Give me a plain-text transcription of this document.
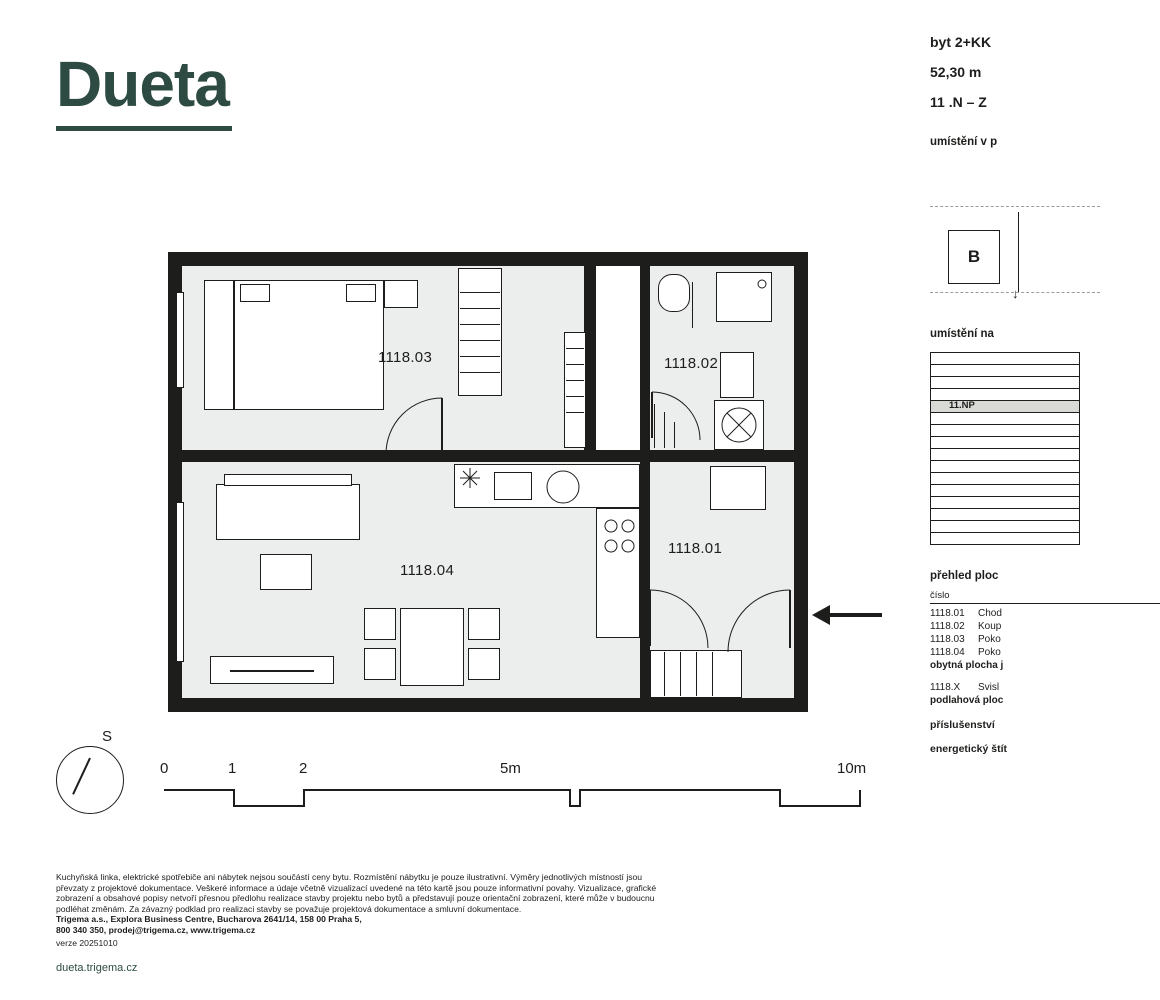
Dueta
byt 2+KK
52,30 m
11 .N – Z
umístění v p
B
↓
umístění na
11.NP
přehled ploc
číslo
1118.01	Chod
1118.02	Koup
1118.03	Poko
1118.04	Poko
obytná plocha j
1118.X	Svisl
podlahová ploc
příslušenství
energetický štít
1118.03	1118.02
1118.04
1118.01
S
0	1	2	5m	10m
Kuchyňská linka, elektrické spotřebiče ani nábytek nejsou součástí ceny bytu. Rozmístění nábytku je pouze ilustrativní. Výměry jednotlivých místností jsou převzaty z projektové dokumentace. Veškeré informace a údaje včetně vizualizací uvedené na této kartě jsou pouze informativní povahy. Vizualizace, grafické zobrazení a obsahové popisy netvoří přesnou předlohu realizace stavby projektu nebo bytů a představují pouze orientační zobrazení, které může v budoucnu podléhat změnám. Za závazný podklad pro realizaci stavby se považuje projektová dokumentace a smluvní dokumentace.
Trigema a.s., Explora Business Centre, Bucharova 2641/14, 158 00 Praha 5,
800 340 350, prodej@trigema.cz, www.trigema.cz
verze 20251010
dueta.trigema.cz
